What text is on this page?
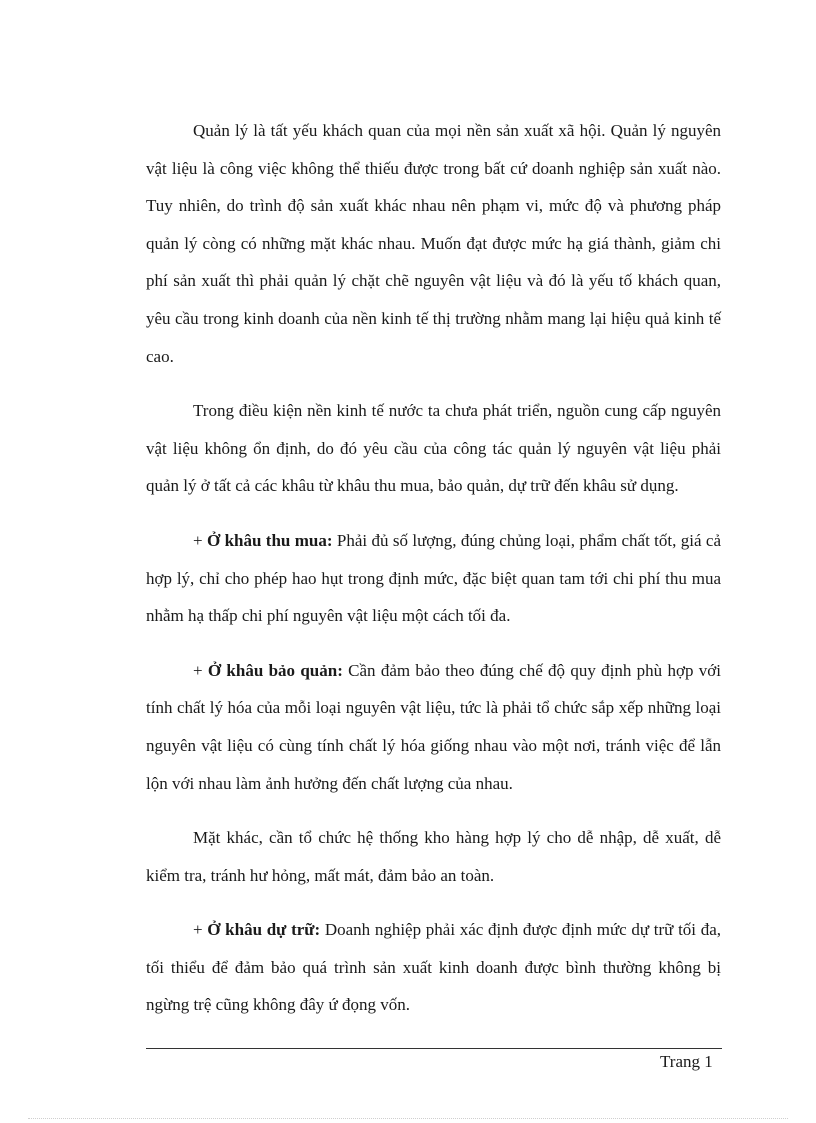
Quản lý là tất yếu khách quan của mọi nền sản xuất xã hội. Quản lý nguyên vật liệu là công việc không thể thiếu được trong bất cứ doanh nghiệp sản xuất nào. Tuy nhiên, do trình độ sản xuất khác nhau nên phạm vi, mức độ và phương pháp quản lý còng có những mặt khác nhau. Muốn đạt được mức hạ giá thành, giảm chi phí sản xuất thì phải quản lý chặt chẽ nguyên vật liệu và đó là yếu tố khách quan, yêu cầu trong kinh doanh của nền kinh tế thị trường nhằm mang lại hiệu quả kinh tế cao.

Trong điều kiện nền kinh tế nước ta chưa phát triển, nguồn cung cấp nguyên vật liệu không ổn định, do đó yêu cầu của công tác quản lý nguyên vật liệu phải quản lý ở tất cả các khâu từ khâu thu mua, bảo quản, dự trữ đến khâu sử dụng.

+ Ở khâu thu mua: Phải đủ số lượng, đúng chủng loại, phẩm chất tốt, giá cả hợp lý, chỉ cho phép hao hụt trong định mức, đặc biệt quan tam tới chi phí thu mua nhằm hạ thấp chi phí nguyên vật liệu một cách tối đa.

+ Ở khâu bảo quản: Cần đảm bảo theo đúng chế độ quy định phù hợp với tính chất lý hóa của mỗi loại nguyên vật liệu, tức là phải tổ chức sắp xếp những loại nguyên vật liệu có cùng tính chất lý hóa giống nhau vào một nơi, tránh việc để lẫn lộn với nhau làm ảnh hưởng đến chất lượng của nhau.

Mặt khác, cần tổ chức hệ thống kho hàng hợp lý cho dễ nhập, dễ xuất, dễ kiểm tra, tránh hư hỏng, mất mát, đảm bảo an toàn.

+ Ở khâu dự trữ: Doanh nghiệp phải xác định được định mức dự trữ tối đa, tối thiểu để đảm bảo quá trình sản xuất kinh doanh được bình thường không bị ngừng trệ cũng không đây ứ đọng vốn.

Trang 1
